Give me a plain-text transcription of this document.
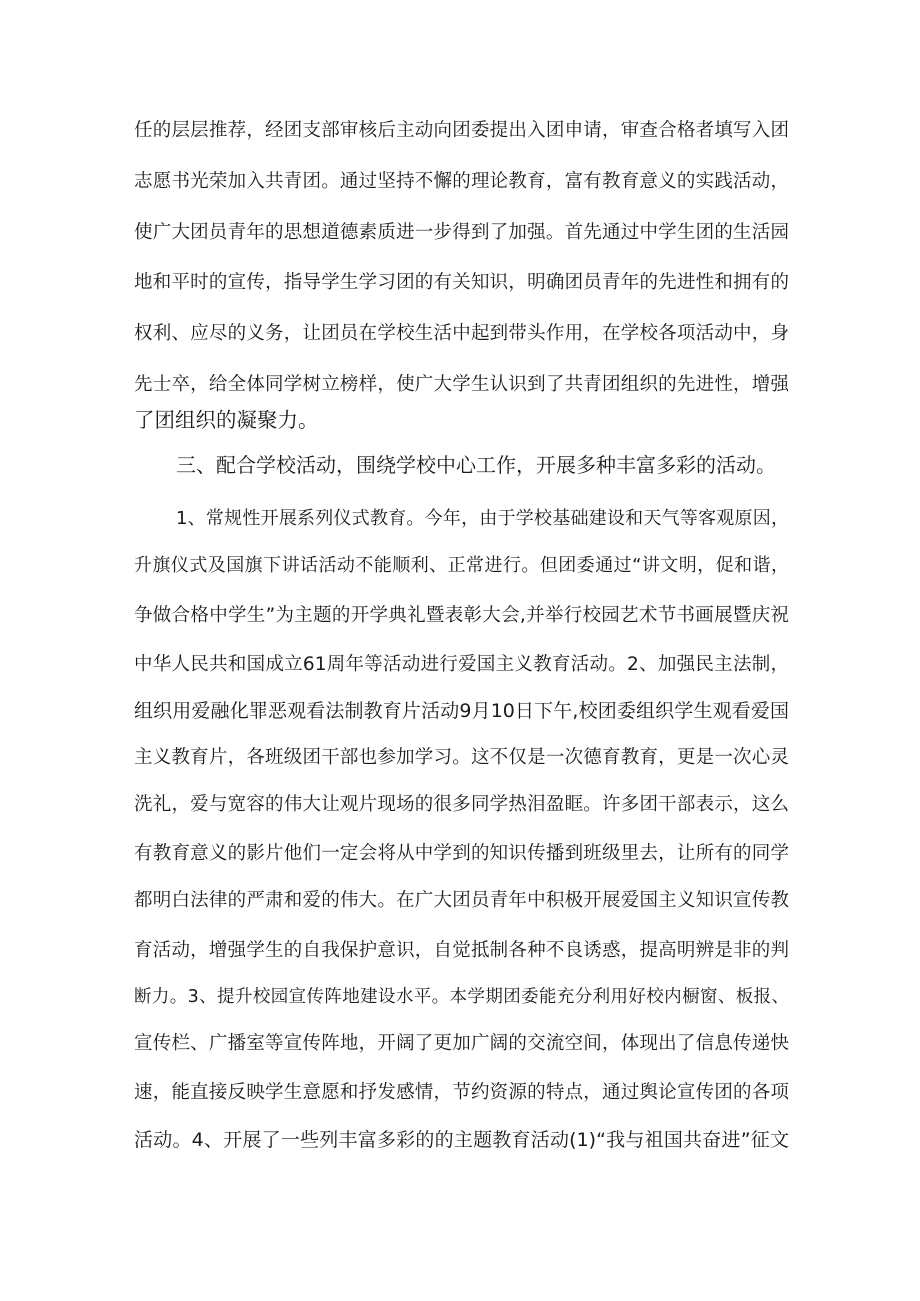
任的层层推荐，经团支部审核后主动向团委提出入团申请，审查合格者填写入团
志愿书光荣加入共青团。通过坚持不懈的理论教育，富有教育意义的实践活动，
使广大团员青年的思想道德素质进一步得到了加强。首先通过中学生团的生活园
地和平时的宣传，指导学生学习团的有关知识，明确团员青年的先进性和拥有的
权利、应尽的义务，让团员在学校生活中起到带头作用，在学校各项活动中，身
先士卒，给全体同学树立榜样，使广大学生认识到了共青团组织的先进性，增强
了团组织的凝聚力。
三、配合学校活动，围绕学校中心工作，开展多种丰富多彩的活动。
1、常规性开展系列仪式教育。今年，由于学校基础建设和天气等客观原因，
升旗仪式及国旗下讲话活动不能顺利、正常进行。但团委通过“讲文明，促和谐，
争做合格中学生”为主题的开学典礼暨表彰大会,并举行校园艺术节书画展暨庆祝
中华人民共和国成立61周年等活动进行爱国主义教育活动。2、加强民主法制，
组织用爱融化罪恶观看法制教育片活动9月10日下午,校团委组织学生观看爱国
主义教育片，各班级团干部也参加学习。这不仅是一次德育教育，更是一次心灵
洗礼，爱与宽容的伟大让观片现场的很多同学热泪盈眶。许多团干部表示，这么
有教育意义的影片他们一定会将从中学到的知识传播到班级里去，让所有的同学
都明白法律的严肃和爱的伟大。在广大团员青年中积极开展爱国主义知识宣传教
育活动，增强学生的自我保护意识，自觉抵制各种不良诱惑，提高明辨是非的判
断力。3、提升校园宣传阵地建设水平。本学期团委能充分利用好校内橱窗、板报、
宣传栏、广播室等宣传阵地，开阔了更加广阔的交流空间，体现出了信息传递快
速，能直接反映学生意愿和抒发感情，节约资源的特点，通过舆论宣传团的各项
活动。4、开展了一些列丰富多彩的的主题教育活动(1)“我与祖国共奋进”征文
